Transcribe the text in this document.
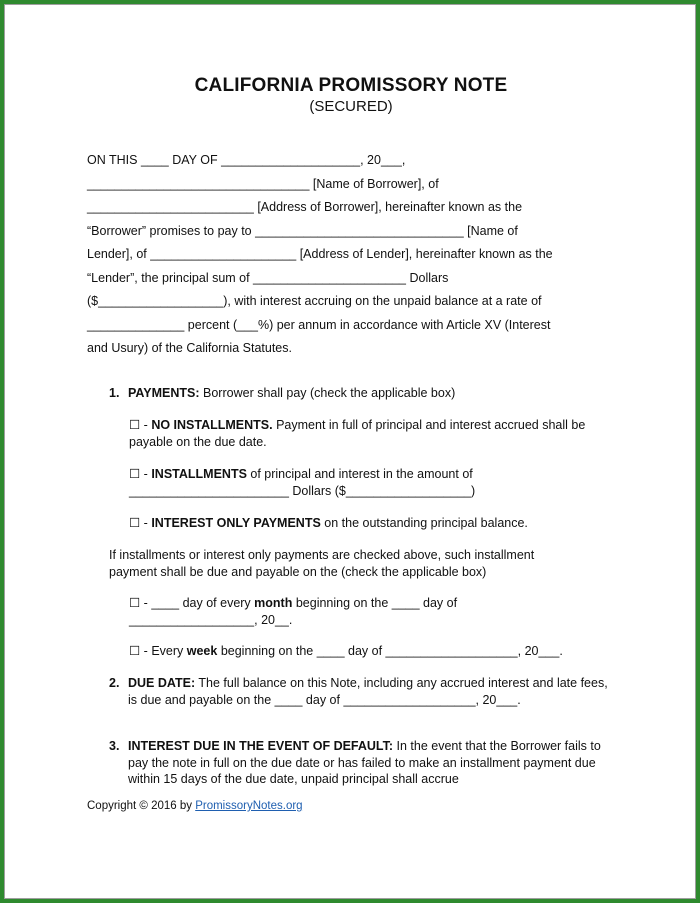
CALIFORNIA PROMISSORY NOTE
(SECURED)
ON THIS ____ DAY OF ____________________, 20___,
________________________________ [Name of Borrower], of
________________________ [Address of Borrower], hereinafter known as the
“Borrower” promises to pay to ______________________________ [Name of
Lender], of _____________________ [Address of Lender], hereinafter known as the
“Lender”, the principal sum of ______________________ Dollars
($__________________), with interest accruing on the unpaid balance at a rate of
______________ percent (___%) per annum in accordance with Article XV (Interest
and Usury) of the California Statutes.
1. PAYMENTS: Borrower shall pay (check the applicable box)
☐ - NO INSTALLMENTS. Payment in full of principal and interest accrued shall be payable on the due date.
☐ - INSTALLMENTS of principal and interest in the amount of
_______________________ Dollars ($__________________)
☐ - INTEREST ONLY PAYMENTS on the outstanding principal balance.
If installments or interest only payments are checked above, such installment payment shall be due and payable on the (check the applicable box)
☐ - ____ day of every month beginning on the ____ day of
__________________, 20__.
☐ - Every week beginning on the ____ day of ___________________, 20___.
2. DUE DATE: The full balance on this Note, including any accrued interest and late fees, is due and payable on the ____ day of ___________________, 20___.
3. INTEREST DUE IN THE EVENT OF DEFAULT: In the event that the Borrower fails to pay the note in full on the due date or has failed to make an installment payment due within 15 days of the due date, unpaid principal shall accrue
Copyright © 2016 by PromissoryNotes.org
